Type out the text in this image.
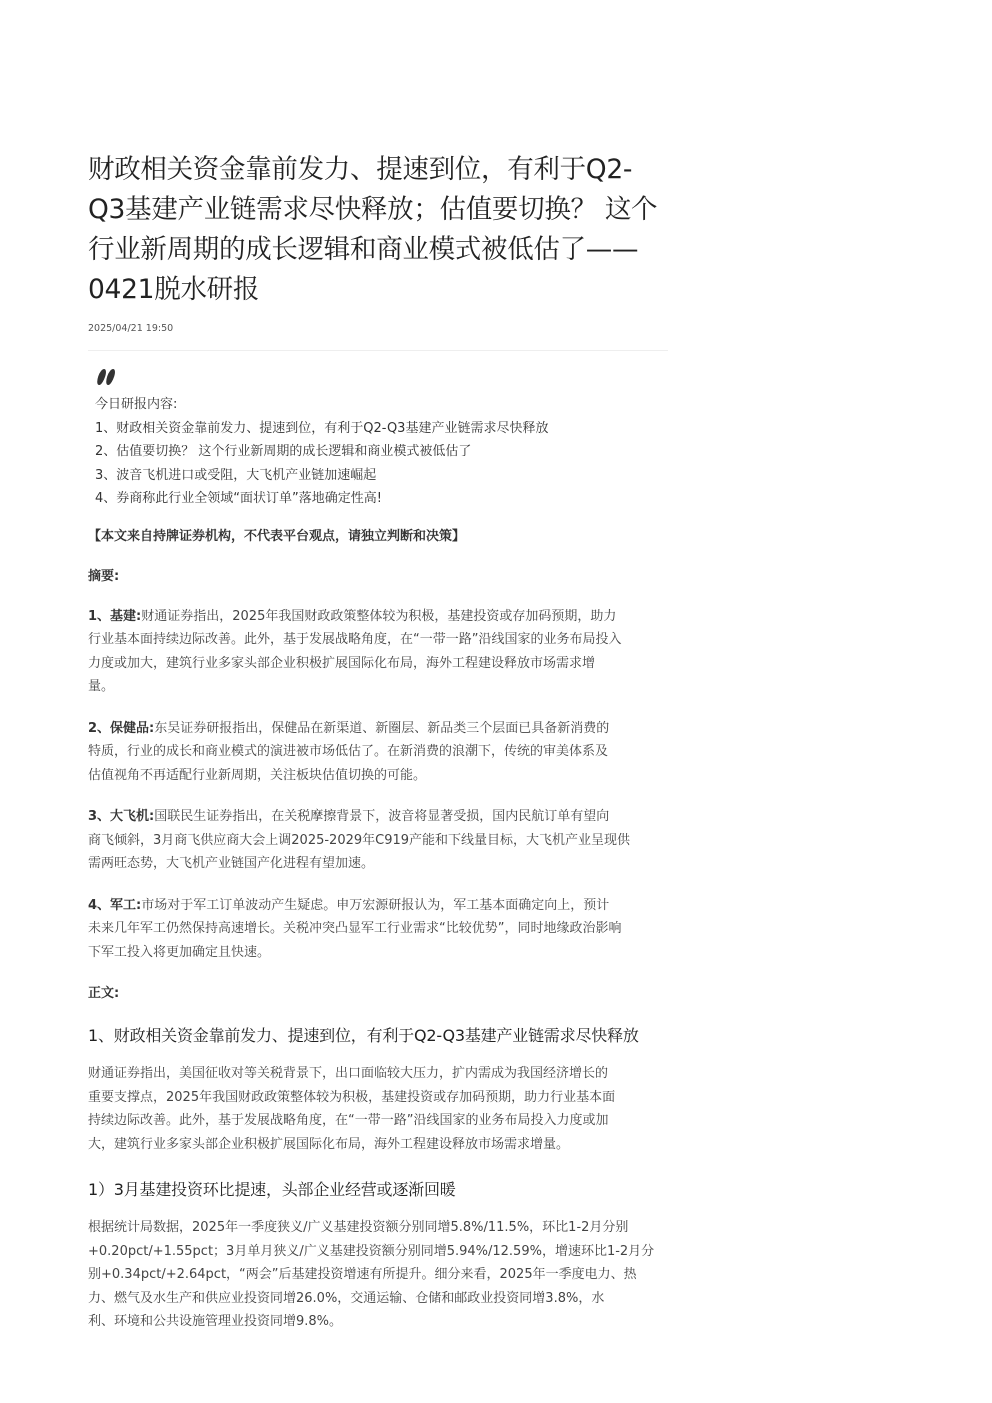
财政相关资金靠前发力、提速到位，有利于Q2-
Q3基建产业链需求尽快释放；估值要切换？ 这个
行业新周期的成长逻辑和商业模式被低估了——
0421脱水研报
2025/04/21 19:50
今日研报内容:
1、财政相关资金靠前发力、提速到位，有利于Q2-Q3基建产业链需求尽快释放
2、估值要切换？ 这个行业新周期的成长逻辑和商业模式被低估了
3、波音飞机进口或受阻，大飞机产业链加速崛起
4、券商称此行业全领域“面状订单”落地确定性高!
【本文来自持牌证券机构，不代表平台观点，请独立判断和决策】
摘要:
1、基建:财通证券指出，2025年我国财政政策整体较为积极，基建投资或存加码预期，助力
行业基本面持续边际改善。此外，基于发展战略角度，在“一带一路”沿线国家的业务布局投入
力度或加大，建筑行业多家头部企业积极扩展国际化布局，海外工程建设释放市场需求增
量。
2、保健品:东吴证券研报指出，保健品在新渠道、新圈层、新品类三个层面已具备新消费的
特质，行业的成长和商业模式的演进被市场低估了。在新消费的浪潮下，传统的审美体系及
估值视角不再适配行业新周期，关注板块估值切换的可能。
3、大飞机:国联民生证券指出，在关税摩擦背景下，波音将显著受损，国内民航订单有望向
商飞倾斜，3月商飞供应商大会上调2025-2029年C919产能和下线量目标，大飞机产业呈现供
需两旺态势，大飞机产业链国产化进程有望加速。
4、军工:市场对于军工订单波动产生疑虑。申万宏源研报认为，军工基本面确定向上，预计
未来几年军工仍然保持高速增长。关税冲突凸显军工行业需求“比较优势”，同时地缘政治影响
下军工投入将更加确定且快速。
正文:
1、财政相关资金靠前发力、提速到位，有利于Q2-Q3基建产业链需求尽快释放
财通证券指出，美国征收对等关税背景下，出口面临较大压力，扩内需成为我国经济增长的
重要支撑点，2025年我国财政政策整体较为积极，基建投资或存加码预期，助力行业基本面
持续边际改善。此外，基于发展战略角度，在“一带一路”沿线国家的业务布局投入力度或加
大，建筑行业多家头部企业积极扩展国际化布局，海外工程建设释放市场需求增量。
1）3月基建投资环比提速，头部企业经营或逐渐回暖
根据统计局数据，2025年一季度狭义/广义基建投资额分别同增5.8%/11.5%，环比1-2月分别
+0.20pct/+1.55pct；3月单月狭义/广义基建投资额分别同增5.94%/12.59%，增速环比1-2月分
别+0.34pct/+2.64pct，“两会”后基建投资增速有所提升。细分来看，2025年一季度电力、热
力、燃气及水生产和供应业投资同增26.0%，交通运输、仓储和邮政业投资同增3.8%，水
利、环境和公共设施管理业投资同增9.8%。
